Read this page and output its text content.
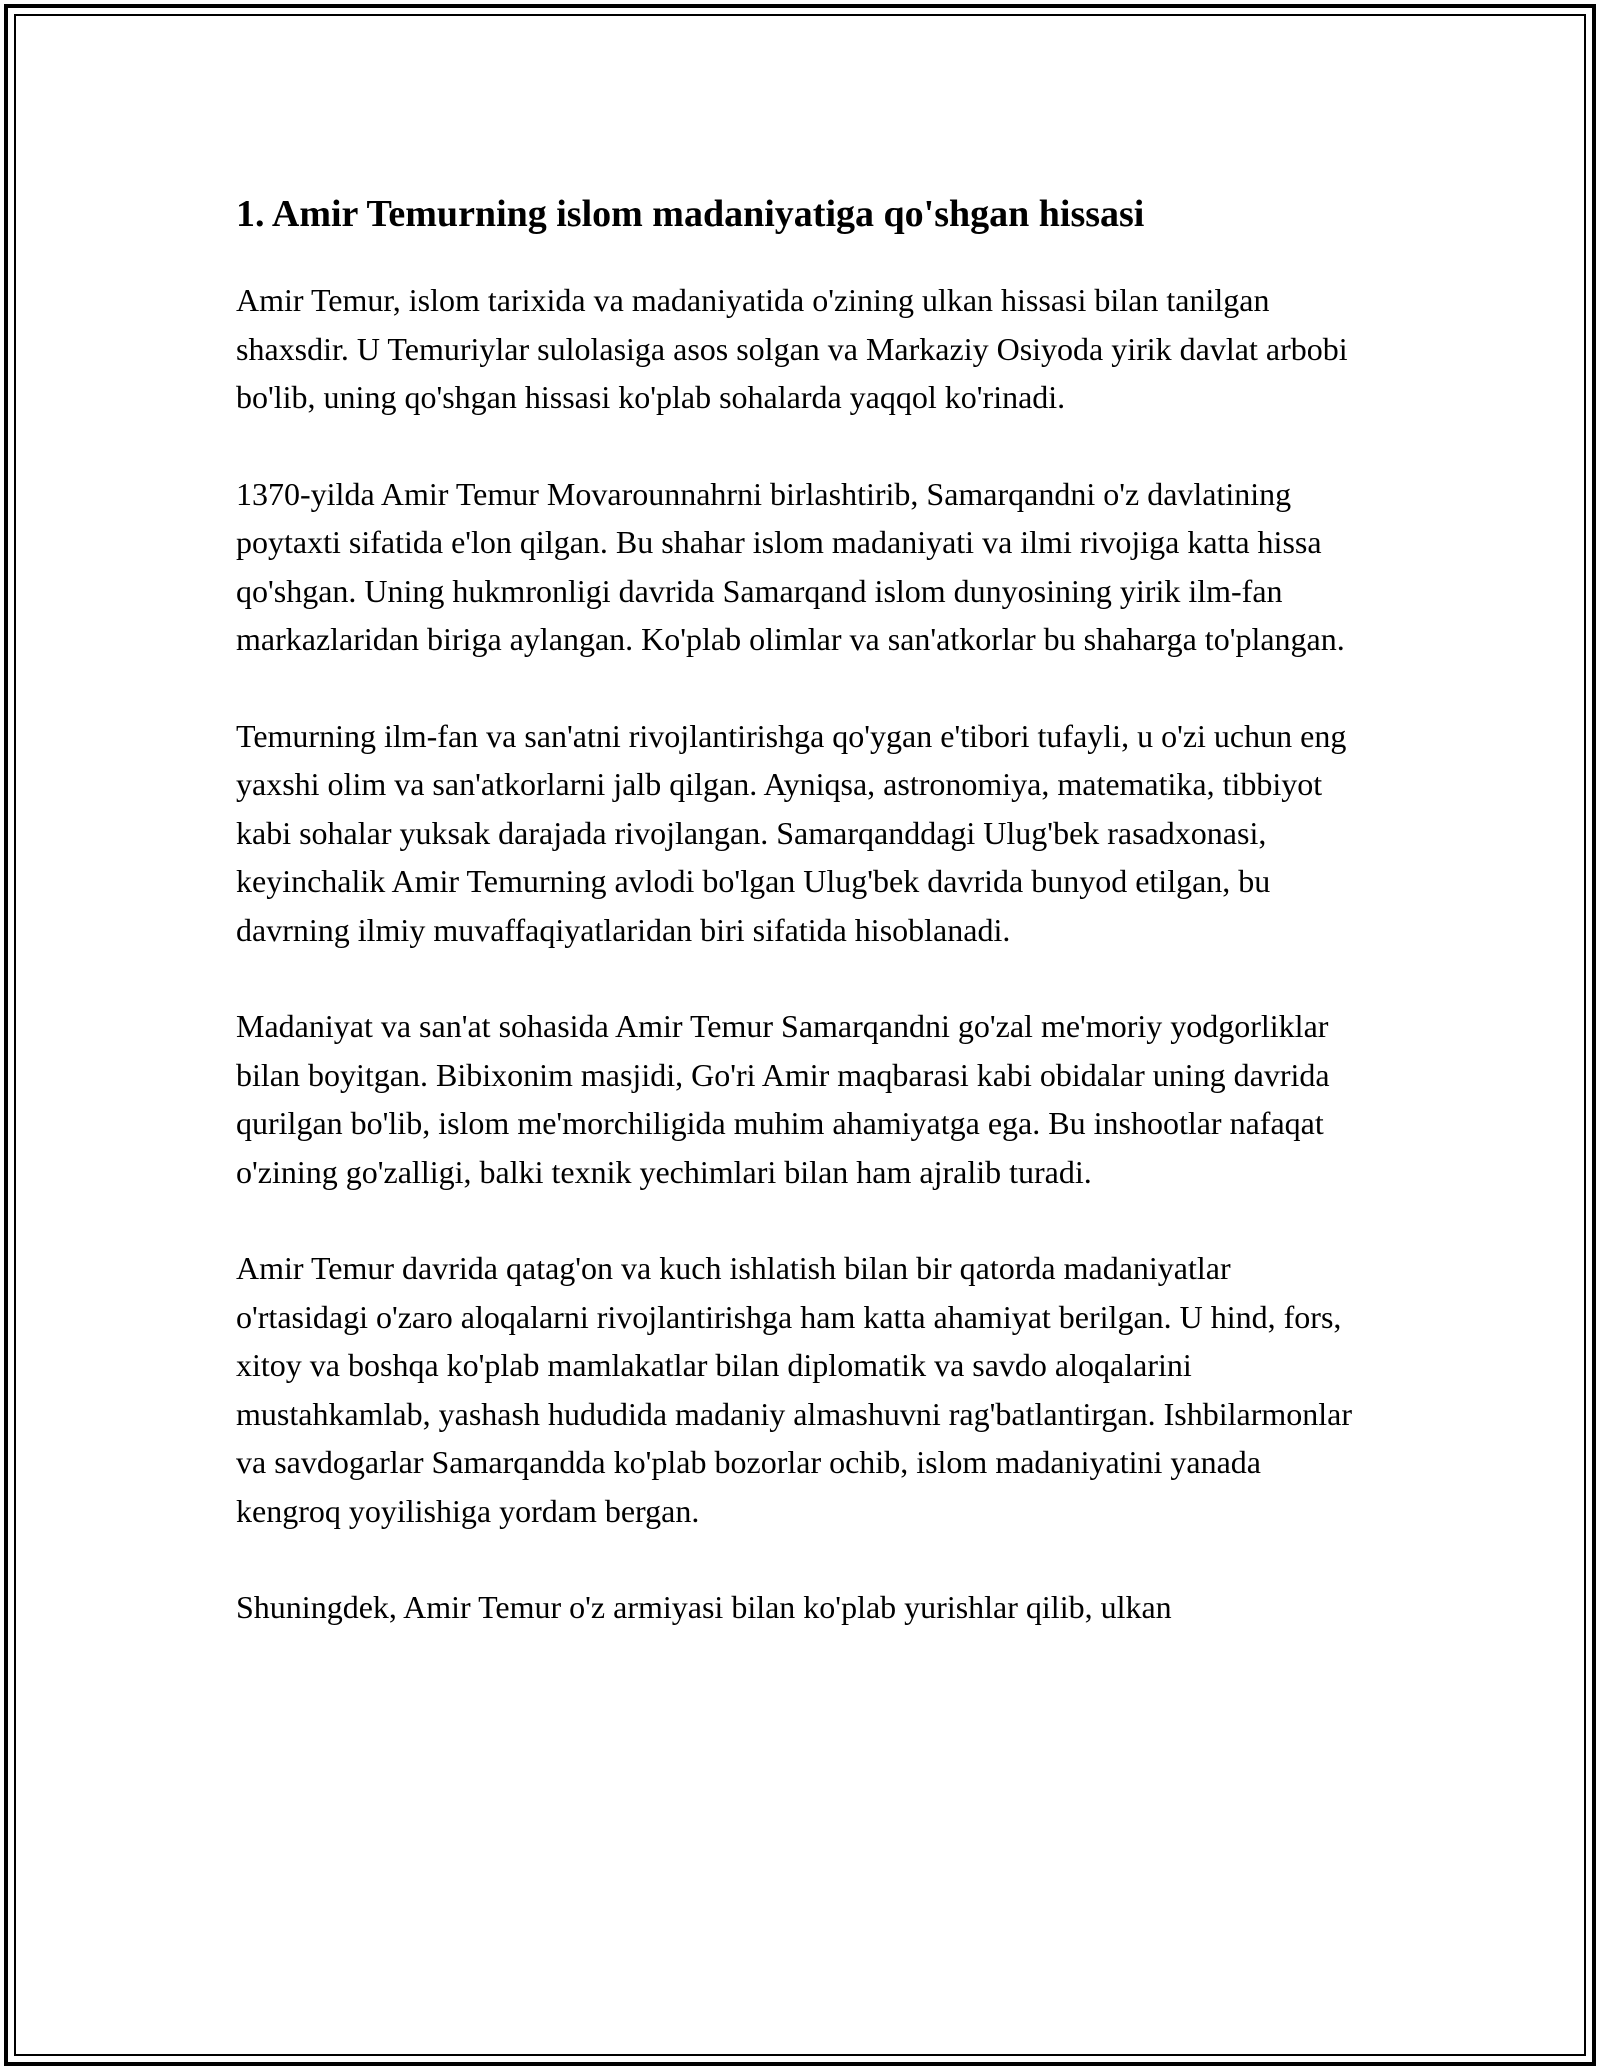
1. Amir Temurning islom madaniyatiga qo'shgan hissasi

Amir Temur, islom tarixida va madaniyatida o'zining ulkan hissasi bilan tanilgan shaxsdir. U Temuriylar sulolasiga asos solgan va Markaziy Osiyoda yirik davlat arbobi bo'lib, uning qo'shgan hissasi ko'plab sohalarda yaqqol ko'rinadi.

1370-yilda Amir Temur Movarounnahrni birlashtirib, Samarqandni o'z davlatining poytaxti sifatida e'lon qilgan. Bu shahar islom madaniyati va ilmi rivojiga katta hissa qo'shgan. Uning hukmronligi davrida Samarqand islom dunyosining yirik ilm-fan markazlaridan biriga aylangan. Ko'plab olimlar va san'atkorlar bu shaharga to'plangan.

Temurning ilm-fan va san'atni rivojlantirishga qo'ygan e'tibori tufayli, u o'zi uchun eng yaxshi olim va san'atkorlarni jalb qilgan. Ayniqsa, astronomiya, matematika, tibbiyot kabi sohalar yuksak darajada rivojlangan. Samarqanddagi Ulug'bek rasadxonasi, keyinchalik Amir Temurning avlodi bo'lgan Ulug'bek davrida bunyod etilgan, bu davrning ilmiy muvaffaqiyatlaridan biri sifatida hisoblanadi.

Madaniyat va san'at sohasida Amir Temur Samarqandni go'zal me'moriy yodgorliklar bilan boyitgan. Bibixonim masjidi, Go'ri Amir maqbarasi kabi obidalar uning davrida qurilgan bo'lib, islom me'morchiligida muhim ahamiyatga ega. Bu inshootlar nafaqat o'zining go'zalligi, balki texnik yechimlari bilan ham ajralib turadi.

Amir Temur davrida qatag'on va kuch ishlatish bilan bir qatorda madaniyatlar o'rtasidagi o'zaro aloqalarni rivojlantirishga ham katta ahamiyat berilgan. U hind, fors, xitoy va boshqa ko'plab mamlakatlar bilan diplomatik va savdo aloqalarini mustahkamlab, yashash hududida madaniy almashuvni rag'batlantirgan. Ishbilarmonlar va savdogarlar Samarqandda ko'plab bozorlar ochib, islom madaniyatini yanada kengroq yoyilishiga yordam bergan.

Shuningdek, Amir Temur o'z armiyasi bilan ko'plab yurishlar qilib, ulkan
